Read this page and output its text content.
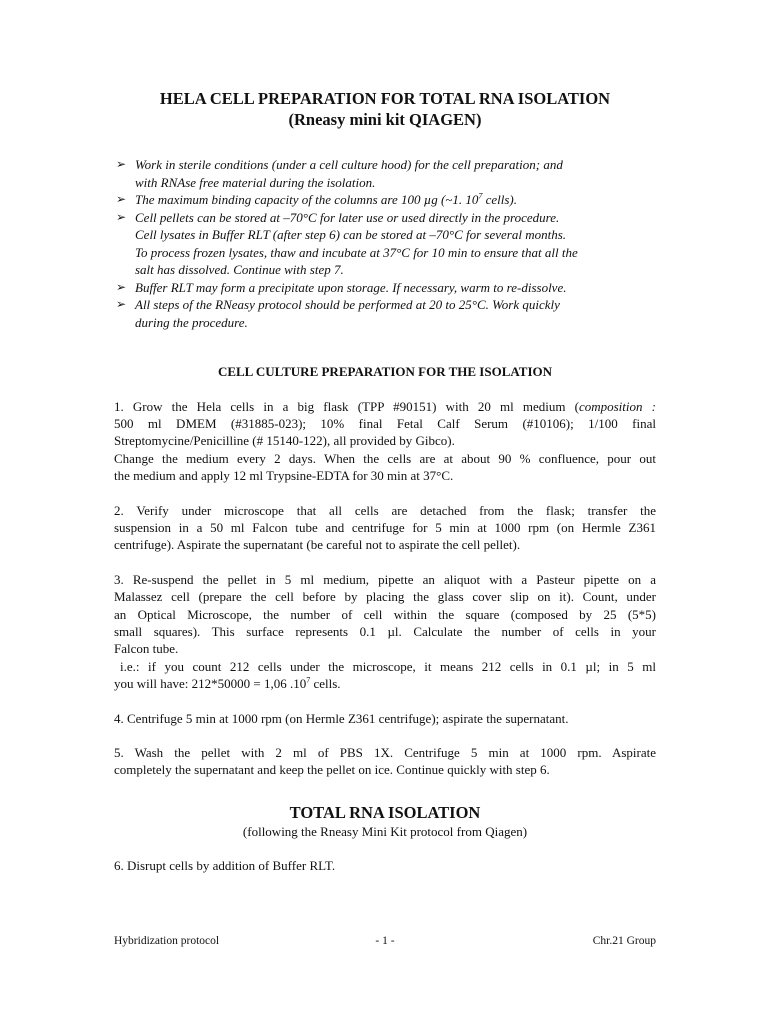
HELA CELL PREPARATION FOR TOTAL RNA ISOLATION
(Rneasy mini kit QIAGEN)
➢ Work in sterile conditions (under a cell culture hood) for the cell preparation; and
with RNAse free material during the isolation.
➢ The maximum binding capacity of the columns are 100 µg (~1. $10^7$ cells).
➢ Cell pellets can be stored at –70°C for later use or used directly in the procedure.
Cell lysates in Buffer RLT (after step 6) can be stored at –70°C for several months.
To process frozen lysates, thaw and incubate at 37°C for 10 min to ensure that all the
salt has dissolved. Continue with step 7.
➢ Buffer RLT may form a precipitate upon storage. If necessary, warm to re-dissolve.
➢ All steps of the RNeasy protocol should be performed at 20 to 25°C. Work quickly
during the procedure.
CELL CULTURE PREPARATION FOR THE ISOLATION

1. Grow the Hela cells in a big flask (TPP #90151) with 20 ml medium (composition :
500 ml DMEM (#31885-023); 10% final Fetal Calf Serum (#10106); 1/100 final
Streptomycine/Penicilline (# 15140-122), all provided by Gibco).
Change the medium every 2 days. When the cells are at about 90 % confluence, pour out
the medium and apply 12 ml Trypsine-EDTA for 30 min at 37°C.

2. Verify under microscope that all cells are detached from the flask; transfer the
suspension in a 50 ml Falcon tube and centrifuge for 5 min at 1000 rpm (on Hermle Z361
centrifuge). Aspirate the supernatant (be careful not to aspirate the cell pellet).

3. Re-suspend the pellet in 5 ml medium, pipette an aliquot with a Pasteur pipette on a
Malassez cell (prepare the cell before by placing the glass cover slip on it). Count, under
an Optical Microscope, the number of cell within the square (composed by 25 (5*5)
small squares). This surface represents 0.1 µl. Calculate the number of cells in your
Falcon tube.
i.e.: if you count 212 cells under the microscope, it means 212 cells in 0.1 µl; in 5 ml
you will have: 212*50000 = 1,06 $.10^7$ cells.

4. Centrifuge 5 min at 1000 rpm (on Hermle Z361 centrifuge); aspirate the supernatant.

5. Wash the pellet with 2 ml of PBS 1X. Centrifuge 5 min at 1000 rpm. Aspirate
completely the supernatant and keep the pellet on ice. Continue quickly with step 6.

TOTAL RNA ISOLATION

(following the Rneasy Mini Kit protocol from Qiagen)

6. Disrupt cells by addition of Buffer RLT.

Hybridization protocol	- 1 -	Chr.21 Group
